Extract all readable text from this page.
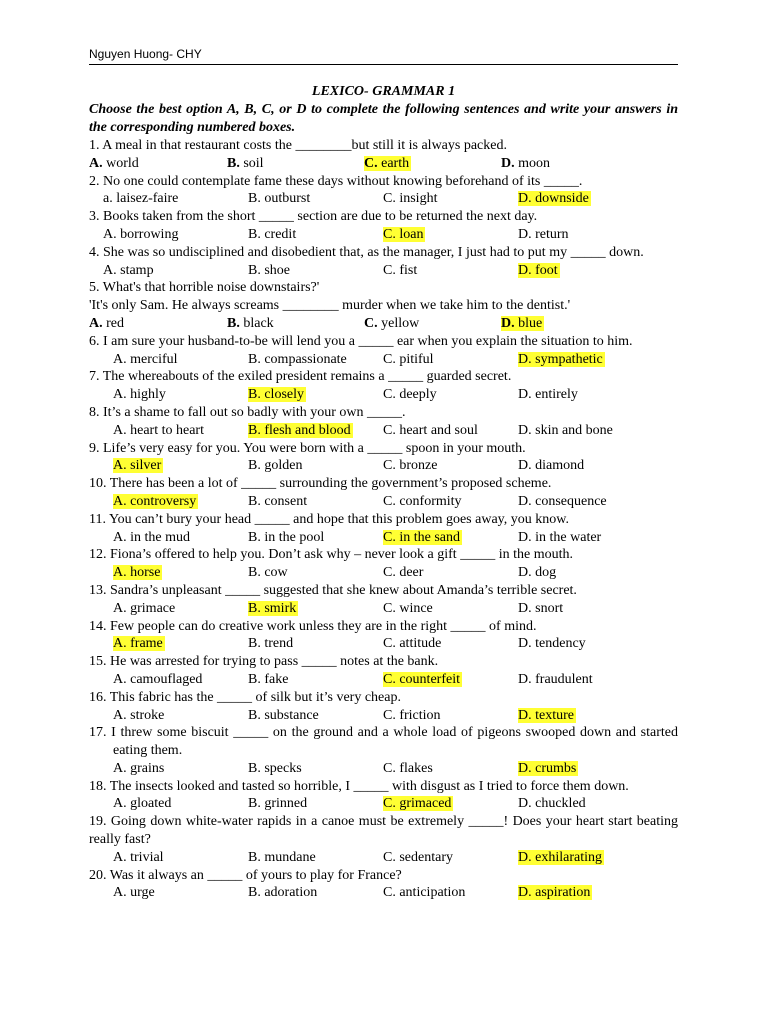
Nguyen Huong- CHY
LEXICO- GRAMMAR 1
Choose the best option A, B, C, or D to complete the following sentences and write your answers in the corresponding numbered boxes.
1. A meal in that restaurant costs the ________but still it is always packed.
A. world	B. soil	C. earth	D. moon
2. No one could contemplate fame these days without knowing beforehand of its _____.
a. laisez-faire	B. outburst	C. insight	D. downside
3. Books taken from the short _____ section are due to be returned the next day.
A. borrowing	B. credit	C. loan	D. return
4. She was so undisciplined and disobedient that, as the manager, I just had to put my _____ down.
A. stamp	B. shoe	C. fist	D. foot
5. What's that horrible noise downstairs?'
'It's only Sam. He always screams ________ murder when we take him to the dentist.'
A. red	B. black	C. yellow	D. blue
6. I am sure your husband-to-be will lend you a _____ ear when you explain the situation to him.
A. merciful	B. compassionate	C. pitiful	D. sympathetic
7. The whereabouts of the exiled president remains a _____ guarded secret.
A. highly	B. closely	C. deeply	D. entirely
8. It’s a shame to fall out so badly with your own _____.
A. heart to heart	B. flesh and blood	C. heart and soul	D. skin and bone
9. Life’s very easy for you. You were born with a _____ spoon in your mouth.
A. silver	B. golden	C. bronze	D. diamond
10. There has been a lot of _____ surrounding the government’s proposed scheme.
A. controversy	B. consent	C. conformity	D. consequence
11. You can’t bury your head _____ and hope that this problem goes away, you know.
A. in the mud	B. in the pool	C. in the sand	D. in the water
12. Fiona’s offered to help you. Don’t ask why – never look a gift _____ in the mouth.
A. horse	B. cow	C. deer	D. dog
13. Sandra’s unpleasant _____ suggested that she knew about Amanda’s terrible secret.
A. grimace	B. smirk	C. wince	D. snort
14. Few people can do creative work unless they are in the right _____ of mind.
A. frame	B. trend	C. attitude	D. tendency
15. He was arrested for trying to pass _____ notes at the bank.
A. camouflaged	B. fake	C. counterfeit	D. fraudulent
16. This fabric has the _____ of silk but it’s very cheap.
A. stroke	B. substance	C. friction	D. texture
17. I threw some biscuit _____ on the ground and a whole load of pigeons swooped down and started eating them.
A. grains	B. specks	C. flakes	D. crumbs
18. The insects looked and tasted so horrible, I _____ with disgust as I tried to force them down.
A. gloated	B. grinned	C. grimaced	D. chuckled
19. Going down white-water rapids in a canoe must be extremely _____! Does your heart start beating really fast?
A. trivial	B. mundane	C. sedentary	D. exhilarating
20. Was it always an _____ of yours to play for France?
A. urge	B. adoration	C. anticipation	D. aspiration
